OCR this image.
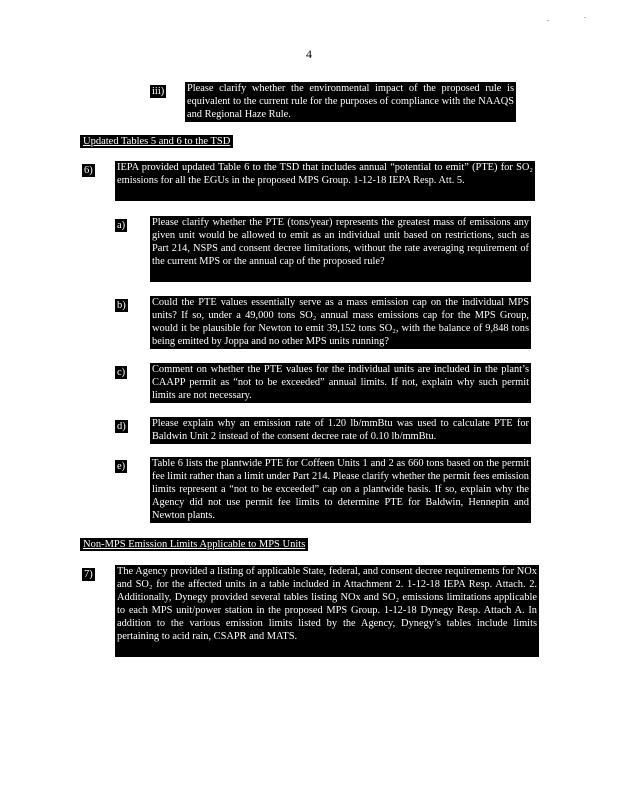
4
iii) Please clarify whether the environmental impact of the proposed rule is equivalent to the current rule for the purposes of compliance with the NAAQS and Regional Haze Rule.
Updated Tables 5 and 6 to the TSD
6) IEPA provided updated Table 6 to the TSD that includes annual “potential to emit” (PTE) for SO₂ emissions for all the EGUs in the proposed MPS Group. 1-12-18 IEPA Resp. Att. 5.
a)	Please clarify whether the PTE (tons/year) represents the greatest mass of emissions any given unit would be allowed to emit as an individual unit based on restrictions, such as Part 214, NSPS and consent decree limitations, without the rate averaging requirement of the current MPS or the annual cap of the proposed rule?
b)	Could the PTE values essentially serve as a mass emission cap on the individual MPS units? If so, under a 49,000 tons SO₂ annual mass emissions cap for the MPS Group, would it be plausible for Newton to emit 39,152 tons SO₂, with the balance of 9,848 tons being emitted by Joppa and no other MPS units running?
c)	Comment on whether the PTE values for the individual units are included in the plant’s CAAPP permit as “not to be exceeded” annual limits. If not, explain why such permit limits are not necessary.
d)	Please explain why an emission rate of 1.20 lb/mmBtu was used to calculate PTE for Baldwin Unit 2 instead of the consent decree rate of 0.10 lb/mmBtu.
e)	Table 6 lists the plantwide PTE for Coffeen Units 1 and 2 as 660 tons based on the permit fee limit rather than a limit under Part 214. Please clarify whether the permit fees emission limits represent a “not to be exceeded” cap on a plantwide basis. If so, explain why the Agency did not use permit fee limits to determine PTE for Baldwin, Hennepin and Newton plants.
Non-MPS Emission Limits Applicable to MPS Units
7) The Agency provided a listing of applicable State, federal, and consent decree requirements for NOx and SO₂ for the affected units in a table included in Attachment 2. 1-12-18 IEPA Resp. Attach. 2. Additionally, Dynegy provided several tables listing NOx and SO₂ emissions limitations applicable to each MPS unit/power station in the proposed MPS Group. 1-12-18 Dynegy Resp. Attach A. In addition to the various emission limits listed by the Agency, Dynegy’s tables include limits pertaining to acid rain, CSAPR and MATS.
